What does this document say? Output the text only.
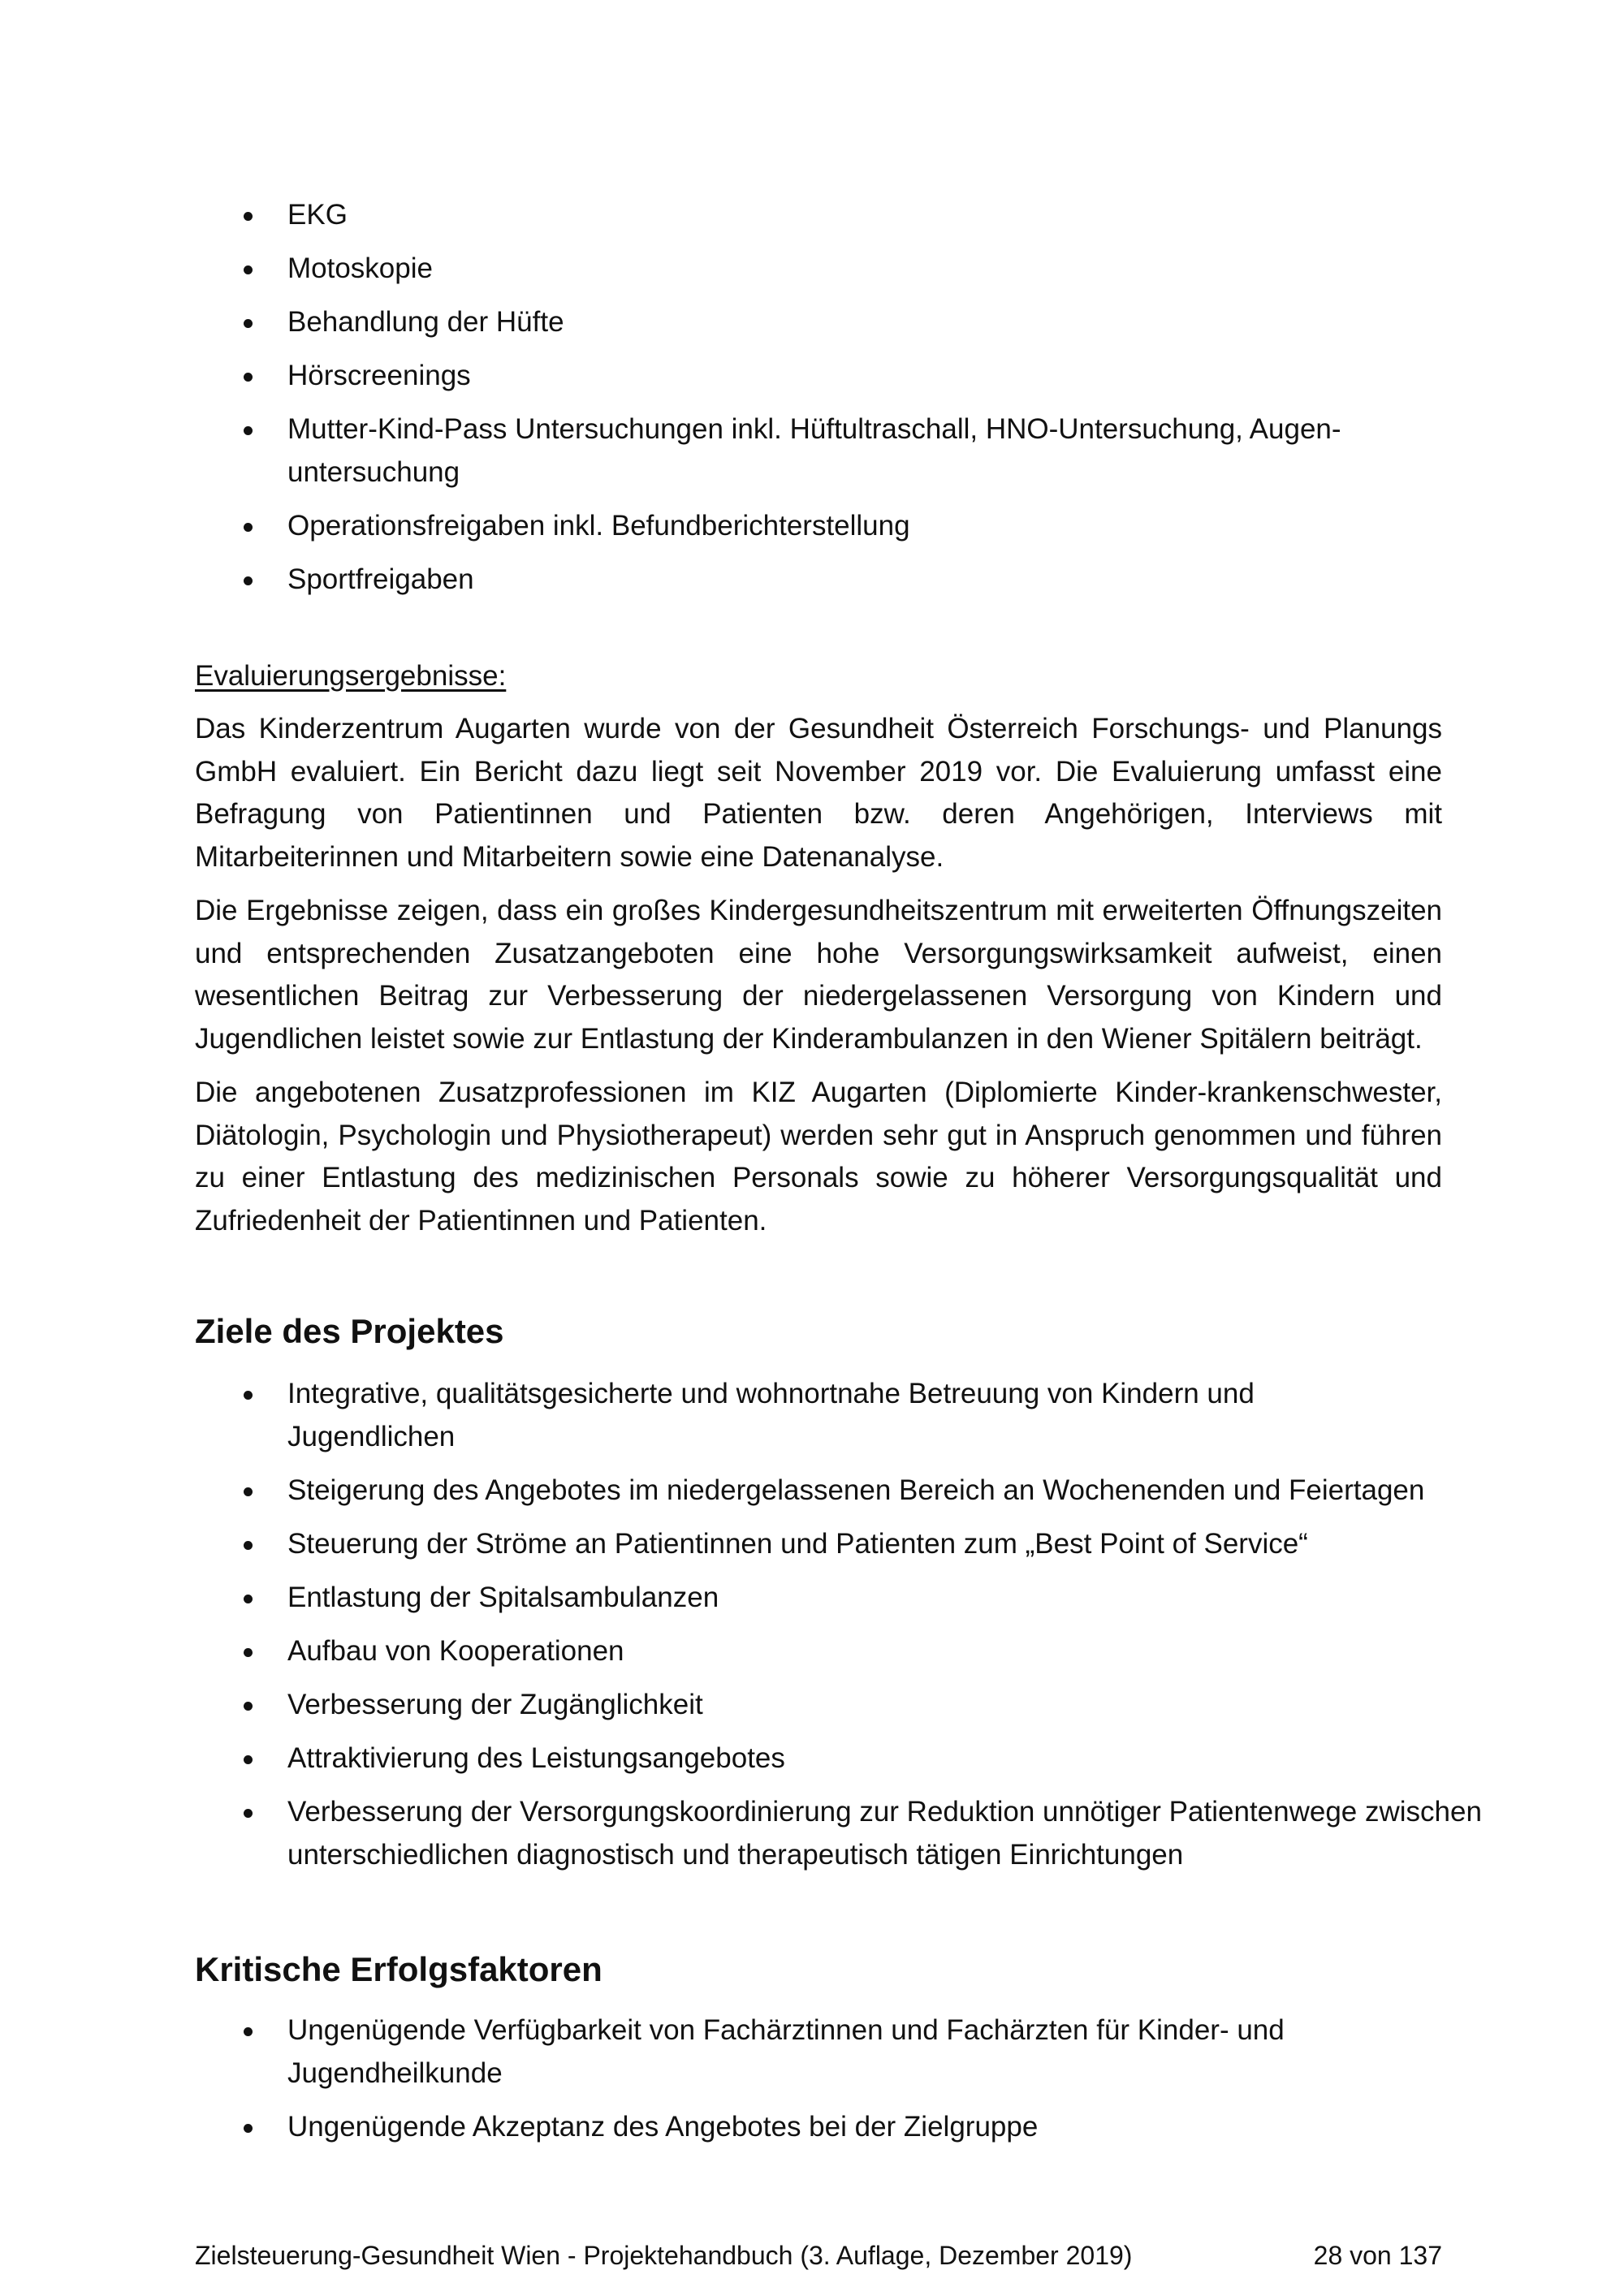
EKG
Motoskopie
Behandlung der Hüfte
Hörscreenings
Mutter-Kind-Pass Untersuchungen inkl. Hüftultraschall, HNO-Untersuchung, Augen-untersuchung
Operationsfreigaben inkl. Befundberichterstellung
Sportfreigaben
Evaluierungsergebnisse:

Das Kinderzentrum Augarten wurde von der Gesundheit Österreich Forschungs- und Planungs GmbH evaluiert. Ein Bericht dazu liegt seit November 2019 vor. Die Evaluierung umfasst eine Befragung von Patientinnen und Patienten bzw. deren Angehörigen, Interviews mit Mitarbeiterinnen und Mitarbeitern sowie eine Datenanalyse.

Die Ergebnisse zeigen, dass ein großes Kindergesundheitszentrum mit erweiterten Öffnungszeiten und entsprechenden Zusatzangeboten eine hohe Versorgungswirksamkeit aufweist, einen wesentlichen Beitrag zur Verbesserung der niedergelassenen Versorgung von Kindern und Jugendlichen leistet sowie zur Entlastung der Kinderambulanzen in den Wiener Spitälern beiträgt.

Die angebotenen Zusatzprofessionen im KIZ Augarten (Diplomierte Kinder-krankenschwester, Diätologin, Psychologin und Physiotherapeut) werden sehr gut in Anspruch genommen und führen zu einer Entlastung des medizinischen Personals sowie zu höherer Versorgungsqualität und Zufriedenheit der Patientinnen und Patienten.

Ziele des Projektes
Integrative, qualitätsgesicherte und wohnortnahe Betreuung von Kindern und Jugendlichen
Steigerung des Angebotes im niedergelassenen Bereich an Wochenenden und Feiertagen
Steuerung der Ströme an Patientinnen und Patienten zum „Best Point of Service“
Entlastung der Spitalsambulanzen
Aufbau von Kooperationen
Verbesserung der Zugänglichkeit
Attraktivierung des Leistungsangebotes
Verbesserung der Versorgungskoordinierung zur Reduktion unnötiger Patientenwege zwischen unterschiedlichen diagnostisch und therapeutisch tätigen Einrichtungen
Kritische Erfolgsfaktoren
Ungenügende Verfügbarkeit von Fachärztinnen und Fachärzten für Kinder- und Jugendheilkunde
Ungenügende Akzeptanz des Angebotes bei der Zielgruppe
Zielsteuerung-Gesundheit Wien - Projektehandbuch (3. Auflage, Dezember 2019)	28 von 137
